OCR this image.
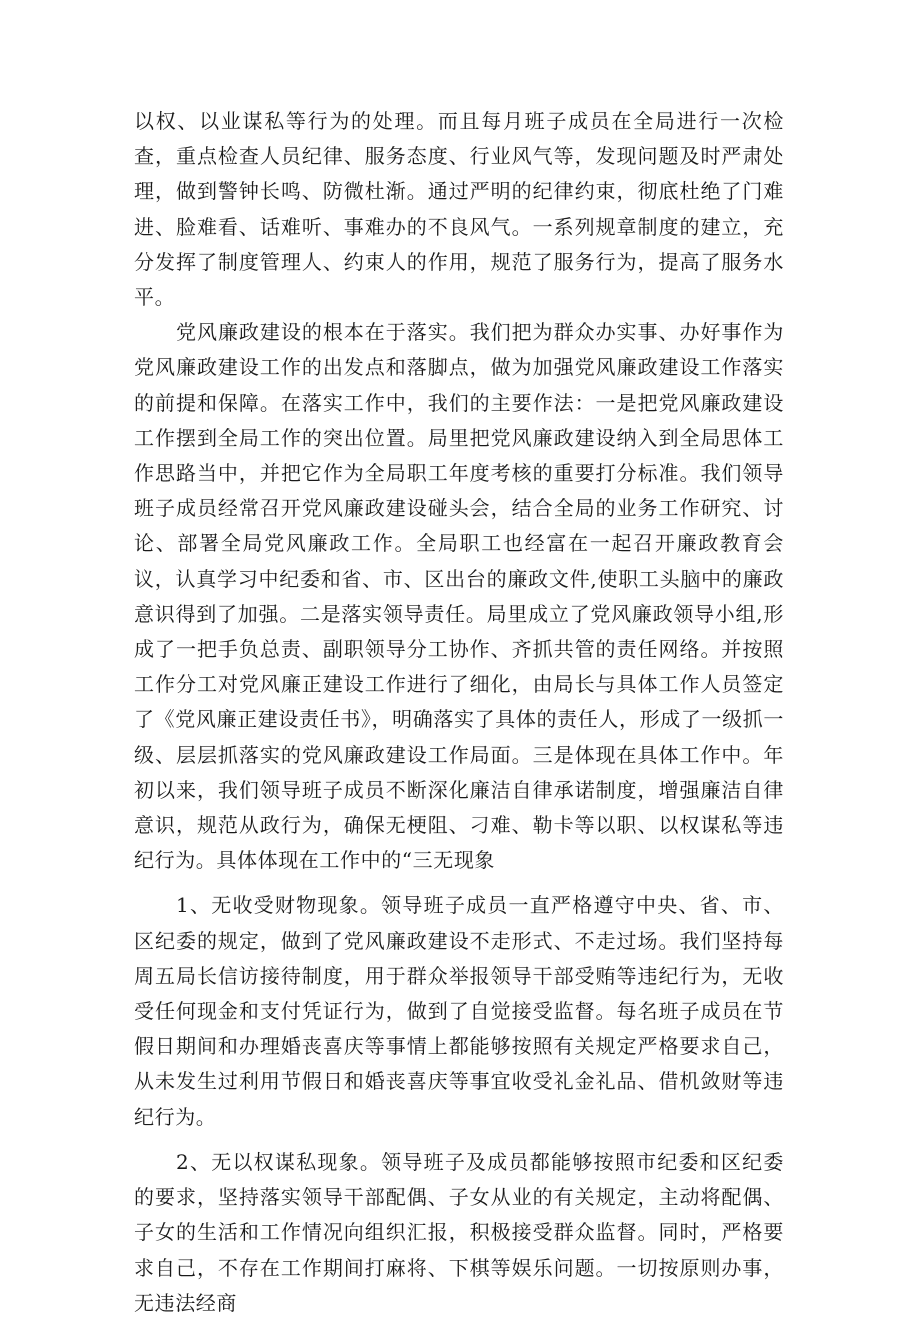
以权、以业谋私等行为的处理。而且每月班子成员在全局进行一次检查，重点检查人员纪律、服务态度、行业风气等，发现问题及时严肃处理，做到警钟长鸣、防微杜渐。通过严明的纪律约束，彻底杜绝了门难进、脸难看、话难听、事难办的不良风气。一系列规章制度的建立，充分发挥了制度管理人、约束人的作用，规范了服务行为，提高了服务水平。

党风廉政建设的根本在于落实。我们把为群众办实事、办好事作为党风廉政建设工作的出发点和落脚点，做为加强党风廉政建设工作落实的前提和保障。在落实工作中，我们的主要作法：一是把党风廉政建设工作摆到全局工作的突出位置。局里把党风廉政建设纳入到全局思体工作思路当中，并把它作为全局职工年度考核的重要打分标准。我们领导班子成员经常召开党风廉政建设碰头会，结合全局的业务工作研究、讨论、部署全局党风廉政工作。全局职工也经富在一起召开廉政教育会议，认真学习中纪委和省、市、区出台的廉政文件,使职工头脑中的廉政意识得到了加强。二是落实领导责任。局里成立了党风廉政领导小组,形成了一把手负总责、副职领导分工协作、齐抓共管的责任网络。并按照工作分工对党风廉正建设工作进行了细化，由局长与具体工作人员签定了《党风廉正建设责任书》，明确落实了具体的责任人，形成了一级抓一级、层层抓落实的党风廉政建设工作局面。三是体现在具体工作中。年初以来，我们领导班子成员不断深化廉洁自律承诺制度，增强廉洁自律意识，规范从政行为，确保无梗阻、刁难、勒卡等以职、以权谋私等违纪行为。具体体现在工作中的“三无现象

1、无收受财物现象。领导班子成员一直严格遵守中央、省、市、区纪委的规定，做到了党风廉政建设不走形式、不走过场。我们坚持每周五局长信访接待制度，用于群众举报领导干部受贿等违纪行为，无收受任何现金和支付凭证行为，做到了自觉接受监督。每名班子成员在节假日期间和办理婚丧喜庆等事情上都能够按照有关规定严格要求自己，从未发生过利用节假日和婚丧喜庆等事宜收受礼金礼品、借机敛财等违纪行为。

2、无以权谋私现象。领导班子及成员都能够按照市纪委和区纪委的要求，坚持落实领导干部配偶、子女从业的有关规定，主动将配偶、子女的生活和工作情况向组织汇报，积极接受群众监督。同时，严格要求自己，不存在工作期间打麻将、下棋等娱乐问题。一切按原则办事，无违法经商
